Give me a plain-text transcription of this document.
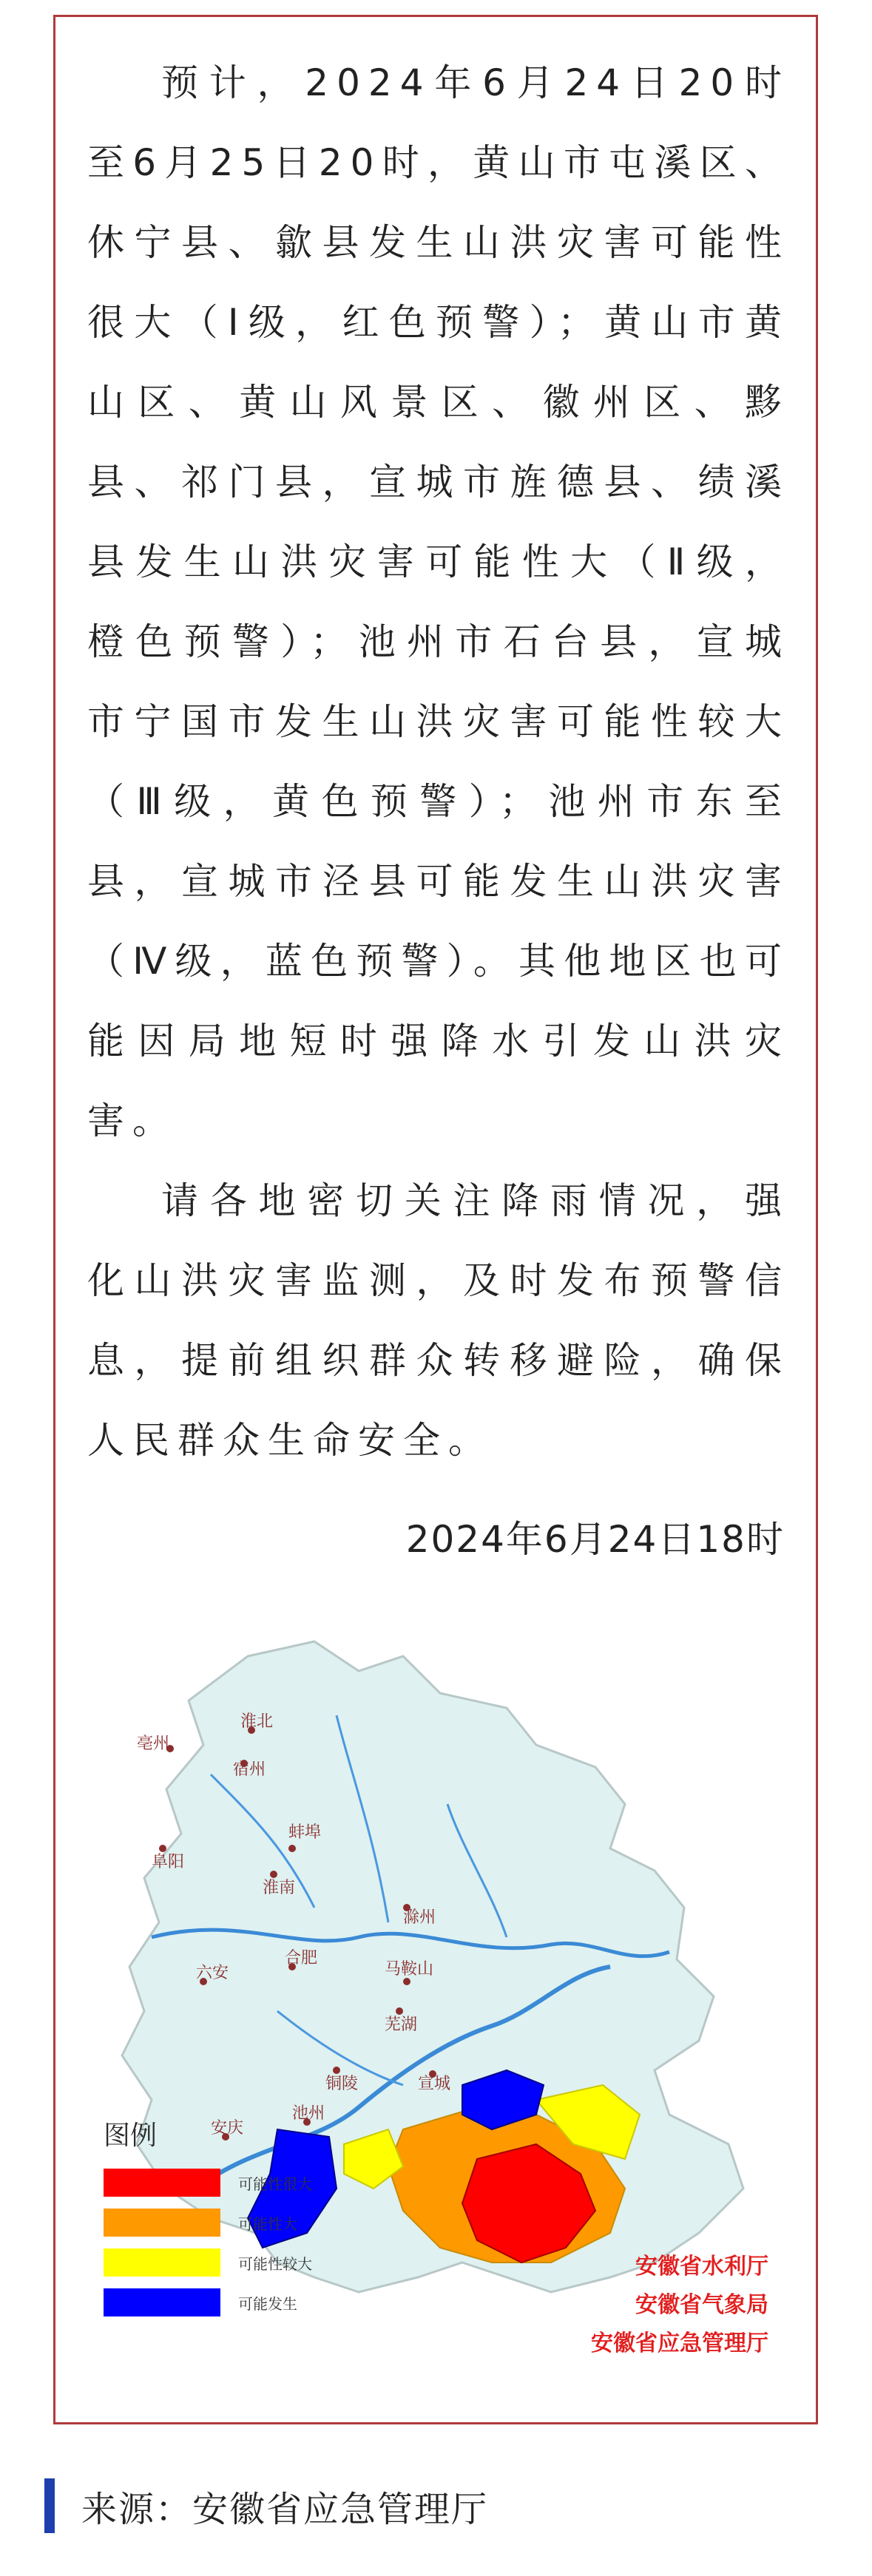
预计，2024年6月24日20时至6月25日20时，黄山市屯溪区、休宁县、歙县发生山洪灾害可能性很大（Ⅰ级，红色预警）；黄山市黄山区、黄山风景区、徽州区、黟县、祁门县，宣城市旌德县、绩溪县发生山洪灾害可能性大（Ⅱ级，橙色预警）；池州市石台县，宣城市宁国市发生山洪灾害可能性较大（Ⅲ级，黄色预警）；池州市东至县，宣城市泾县可能发生山洪灾害（Ⅳ级，蓝色预警）。其他地区也可能因局地短时强降水引发山洪灾害。

请各地密切关注降雨情况，强化山洪灾害监测，及时发布预警信息，提前组织群众转移避险，确保人民群众生命安全。

2024年6月24日18时
亳州
淮北
宿州
阜阳
蚌埠
淮南
滁州
六安
合肥
马鞍山
芜湖
铜陵	宣城
池州
安庆
图例
可能性很大
可能性大
可能性较大
可能发生
安徽省水利厅
安徽省气象局
安徽省应急管理厅
来源：安徽省应急管理厅
